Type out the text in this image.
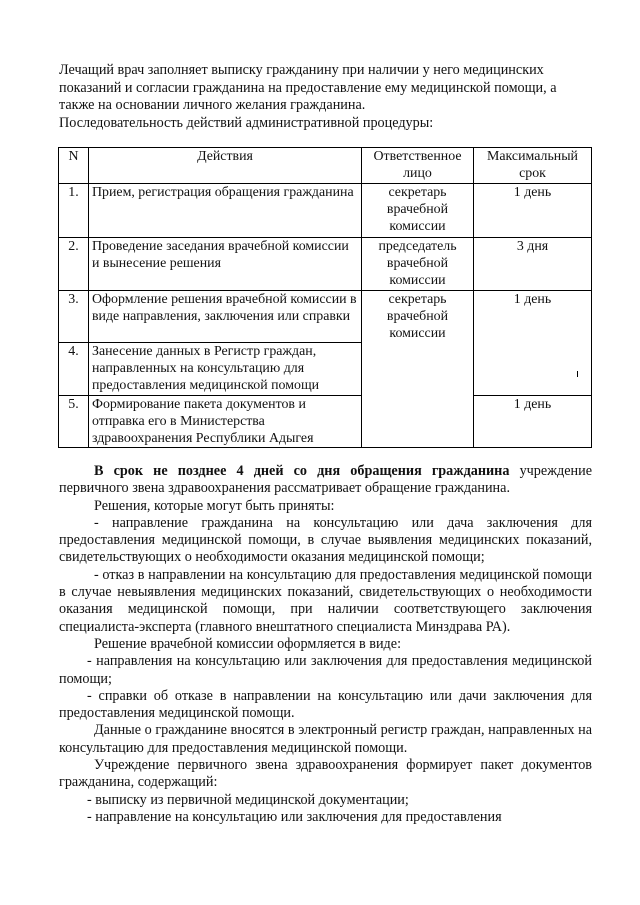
Лечащий врач заполняет выписку гражданину при наличии у него медицинских показаний и согласии гражданина на предоставление ему медицинской помощи, а также на основании личного желания гражданина.

Последовательность действий административной процедуры:

N	Действия	Ответственное лицо	Максимальный срок
1.	Прием, регистрация обращения гражданина	секретарь врачебной комиссии	1 день
2.	Проведение заседания врачебной комиссии и вынесение решения	председатель врачебной комиссии	3 дня
3.	Оформление решения врачебной комиссии в виде направления, заключения или справки	секретарь врачебной комиссии	1 день
4.	Занесение данных в Регистр граждан, направленных на консультацию для предоставления медицинской помощи		
5.	Формирование пакета документов и отправка его в Министерства здравоохранения Республики Адыгея		1 день

В срок не позднее 4 дней со дня обращения гражданина учреждение первичного звена здравоохранения рассматривает обращение гражданина.

Решения, которые могут быть приняты:

- направление гражданина на консультацию или дача заключения для предоставления медицинской помощи, в случае выявления медицинских показаний, свидетельствующих о необходимости оказания медицинской помощи;

- отказ в направлении на консультацию для предоставления медицинской помощи в случае невыявления медицинских показаний, свидетельствующих о необходимости оказания медицинской помощи, при наличии соответствующего заключения специалиста-эксперта (главного внештатного специалиста Минздрава РА).

Решение врачебной комиссии оформляется в виде:

- направления на консультацию или заключения для предоставления медицинской помощи;

- справки об отказе в направлении на консультацию или дачи заключения для предоставления медицинской помощи.

Данные о гражданине вносятся в электронный регистр граждан, направленных на консультацию для предоставления медицинской помощи.

Учреждение первичного звена здравоохранения формирует пакет документов гражданина, содержащий:

- выписку из первичной медицинской документации;

- направление на консультацию или заключения для предоставления
